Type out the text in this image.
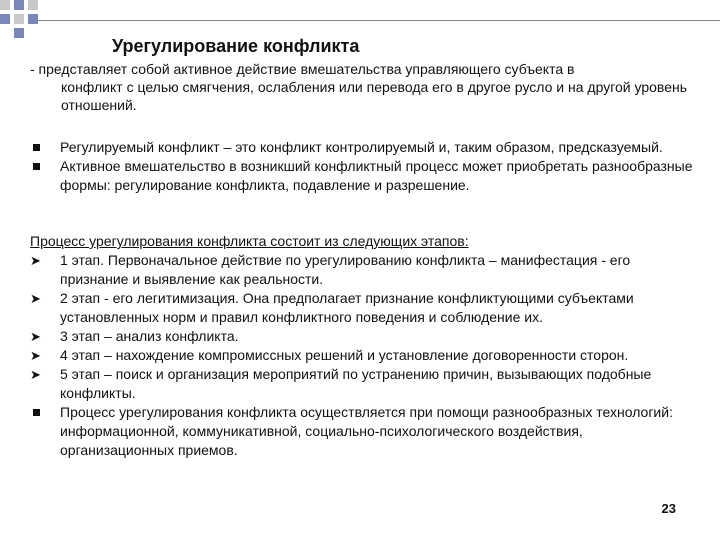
Урегулирование конфликта
- представляет собой активное действие вмешательства управляющего субъекта в
конфликт с целью смягчения, ослабления или перевода его в другое русло и на другой уровень отношений.
Регулируемый конфликт – это конфликт контролируемый и, таким образом, предсказуемый.
Активное вмешательство в возникший конфликтный процесс может приобретать разнообразные формы: регулирование конфликта, подавление и разрешение.
Процесс урегулирования конфликта состоит из следующих этапов:
➤ 1 этап. Первоначальное действие по урегулированию конфликта – манифестация - его признание и выявление как реальности.
➤ 2 этап - его легитимизация. Она предполагает признание конфликтующими субъектами установленных норм и правил конфликтного поведения и соблюдение их.
➤ 3 этап – анализ конфликта.
➤ 4 этап – нахождение компромиссных решений и установление договоренности сторон.
➤ 5 этап – поиск и организация мероприятий по устранению причин, вызывающих подобные конфликты.
Процесс урегулирования конфликта осуществляется при помощи разнообразных технологий: информационной, коммуникативной, социально-психологического воздействия, организационных приемов.
23
